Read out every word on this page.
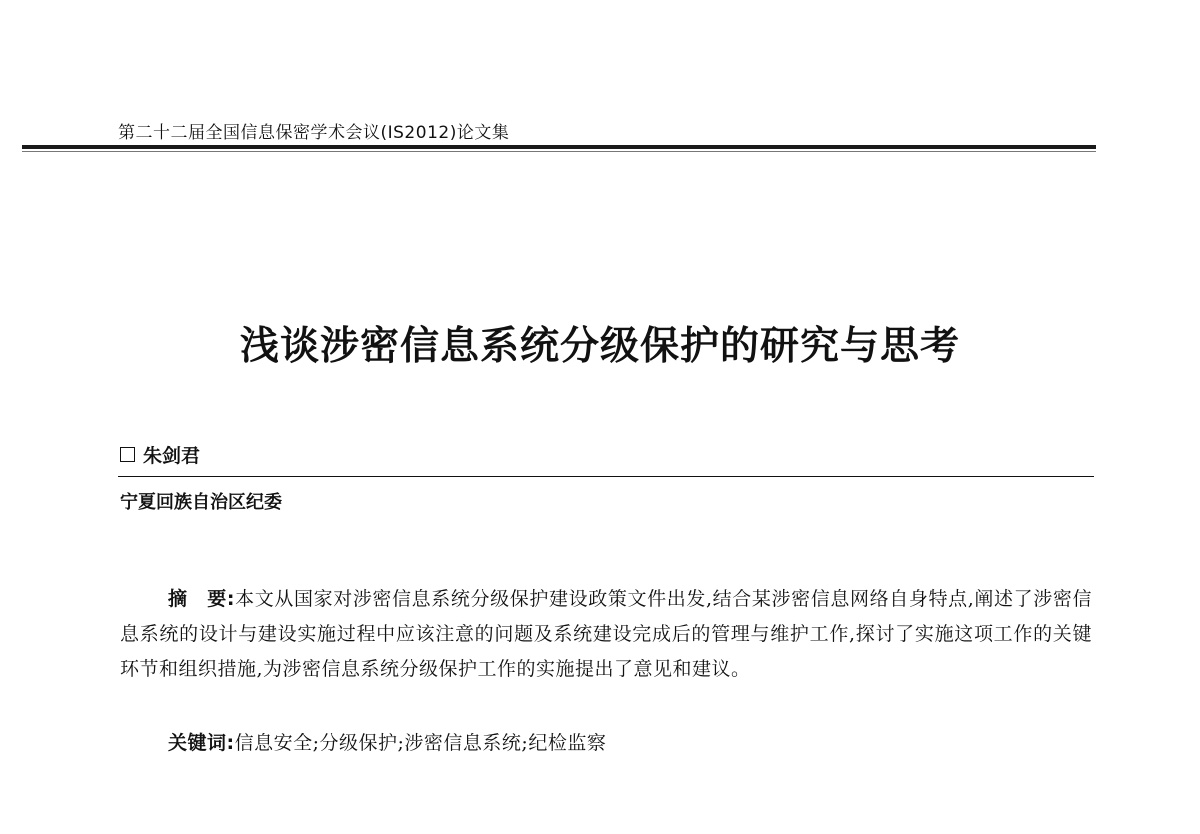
第二十二届全国信息保密学术会议(IS2012)论文集
浅谈涉密信息系统分级保护的研究与思考
朱剑君
宁夏回族自治区纪委
摘　要:本文从国家对涉密信息系统分级保护建设政策文件出发,结合某涉密信息网络自身特点,阐述了涉密信息系统的设计与建设实施过程中应该注意的问题及系统建设完成后的管理与维护工作,探讨了实施这项工作的关键环节和组织措施,为涉密信息系统分级保护工作的实施提出了意见和建议。
关键词:信息安全;分级保护;涉密信息系统;纪检监察
